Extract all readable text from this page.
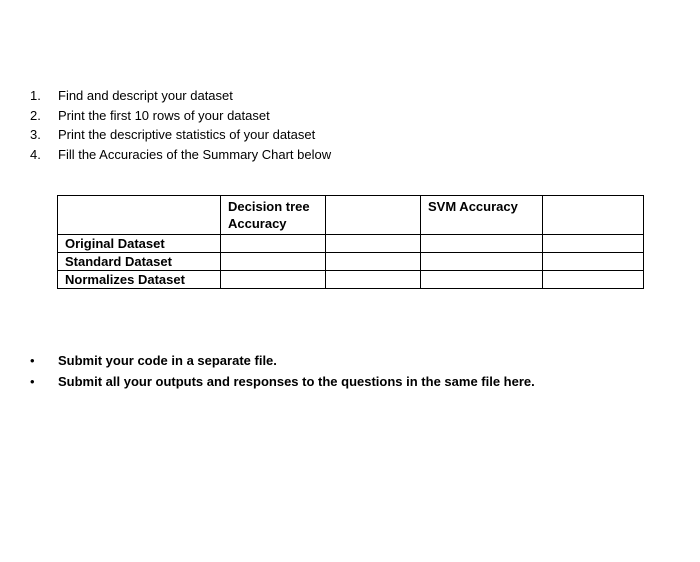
1.	Find and descript your dataset
2.	Print the first 10 rows of your dataset
3.	Print the descriptive statistics of your dataset
4.	Fill the Accuracies of the Summary Chart below
	Decision tree Accuracy		SVM Accuracy	
Original Dataset				
Standard Dataset				
Normalizes Dataset				
•	Submit your code in a separate file.
•	Submit all your outputs and responses to the questions in the same file here.
